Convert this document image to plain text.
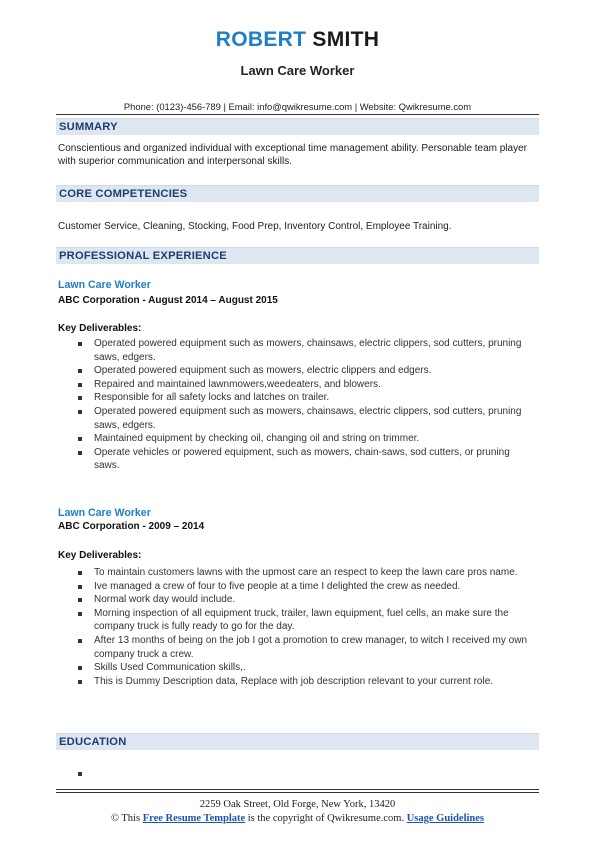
ROBERT SMITH
Lawn Care Worker
Phone: (0123)-456-789 | Email: info@qwikresume.com | Website: Qwikresume.com
SUMMARY
Conscientious and organized individual with exceptional time management ability. Personable team player with superior communication and interpersonal skills.
CORE COMPETENCIES
Customer Service, Cleaning, Stocking, Food Prep, Inventory Control, Employee Training.
PROFESSIONAL EXPERIENCE
Lawn Care Worker
ABC Corporation - August 2014 – August 2015
Key Deliverables:
Operated powered equipment such as mowers, chainsaws, electric clippers, sod cutters, pruning saws, edgers.
Operated powered equipment such as mowers, electric clippers and edgers.
Repaired and maintained lawnmowers,weedeaters, and blowers.
Responsible for all safety locks and latches on trailer.
Operated powered equipment such as mowers, chainsaws, electric clippers, sod cutters, pruning saws, edgers.
Maintained equipment by checking oil, changing oil and string on trimmer.
Operate vehicles or powered equipment, such as mowers, chain-saws, sod cutters, or pruning saws.
Lawn Care Worker
ABC Corporation - 2009 – 2014
Key Deliverables:
To maintain customers lawns with the upmost care an respect to keep the lawn care pros name.
Ive managed a crew of four to five people at a time I delighted the crew as needed.
Normal work day would include.
Morning inspection of all equipment truck, trailer, lawn equipment, fuel cells, an make sure the company truck is fully ready to go for the day.
After 13 months of being on the job I got a promotion to crew manager, to witch I received my own company truck a crew.
Skills Used Communication skills,.
This is Dummy Description data, Replace with job description relevant to your current role.
EDUCATION
2259 Oak Street, Old Forge, New York, 13420
© This Free Resume Template is the copyright of Qwikresume.com. Usage Guidelines
